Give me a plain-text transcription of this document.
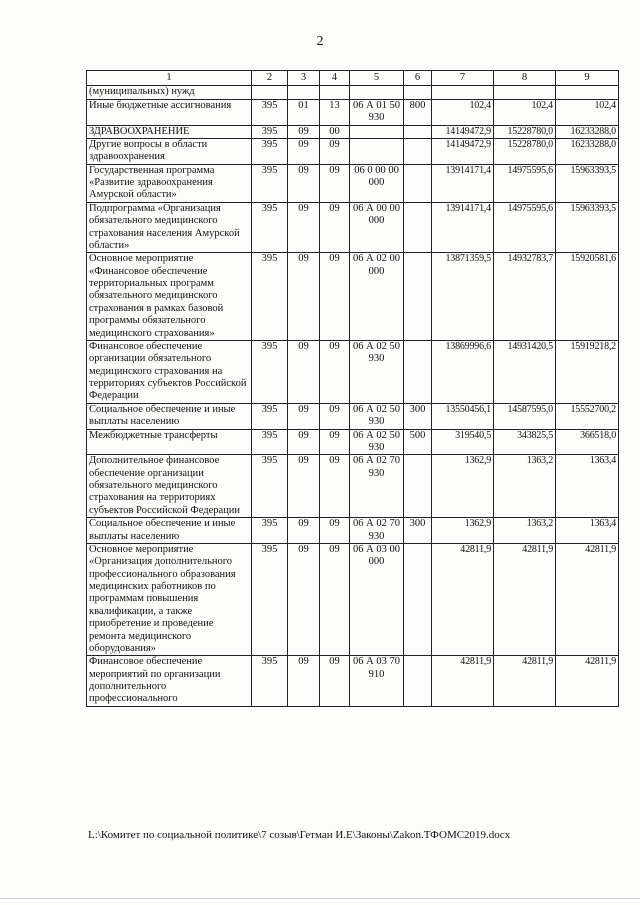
2
1	2	3	4	5	6	7	8	9
(муниципальных) нужд								
Иные бюджетные ассигнования	395	01	13	06 А 01 50930	800	102,4	102,4	102,4
ЗДРАВООХРАНЕНИЕ	395	09	00			14149472,9	15228780,0	16233288,0
Другие вопросы в области здравоохранения	395	09	09			14149472,9	15228780,0	16233288,0
Государственная программа «Развитие здравоохранения Амурской области»	395	09	09	06 0 00 00000		13914171,4	14975595,6	15963393,5
Подпрограмма «Организация обязательного медицинского страхования населения Амурской области»	395	09	09	06 А 00 00000		13914171,4	14975595,6	15963393,5
Основное мероприятие «Финансовое обеспечение территориальных программ обязательного медицинского страхования в рамках базовой программы обязательного медицинского страхования»	395	09	09	06 А 02 00000		13871359,5	14932783,7	15920581,6
Финансовое обеспечение организации обязательного медицинского страхования на территориях субъектов Российской Федерации	395	09	09	06 А 02 50930		13869996,6	14931420,5	15919218,2
Социальное обеспечение и иные выплаты населению	395	09	09	06 А 02 50930	300	13550456,1	14587595,0	15552700,2
Межбюджетные трансферты	395	09	09	06 А 02 50930	500	319540,5	343825,5	366518,0
Дополнительное финансовое обеспечение организации обязательного медицинского страхования на территориях субъектов Российской Федерации	395	09	09	06 А 02 70930		1362,9	1363,2	1363,4
Социальное обеспечение и иные выплаты населению	395	09	09	06 А 02 70930	300	1362,9	1363,2	1363,4
Основное мероприятие «Организация дополнительного профессионального образования медицинских работников по программам повышения квалификации, а также приобретение и проведение ремонта медицинского оборудования»	395	09	09	06 А 03 00000		42811,9	42811,9	42811,9
Финансовое обеспечение мероприятий по организации дополнительного профессионального	395	09	09	06 А 03 70910		42811,9	42811,9	42811,9
L:\Комитет по социальной политике\7 созыв\Гетман И.Е\Законы\Zakon.ТФОМС2019.docx
